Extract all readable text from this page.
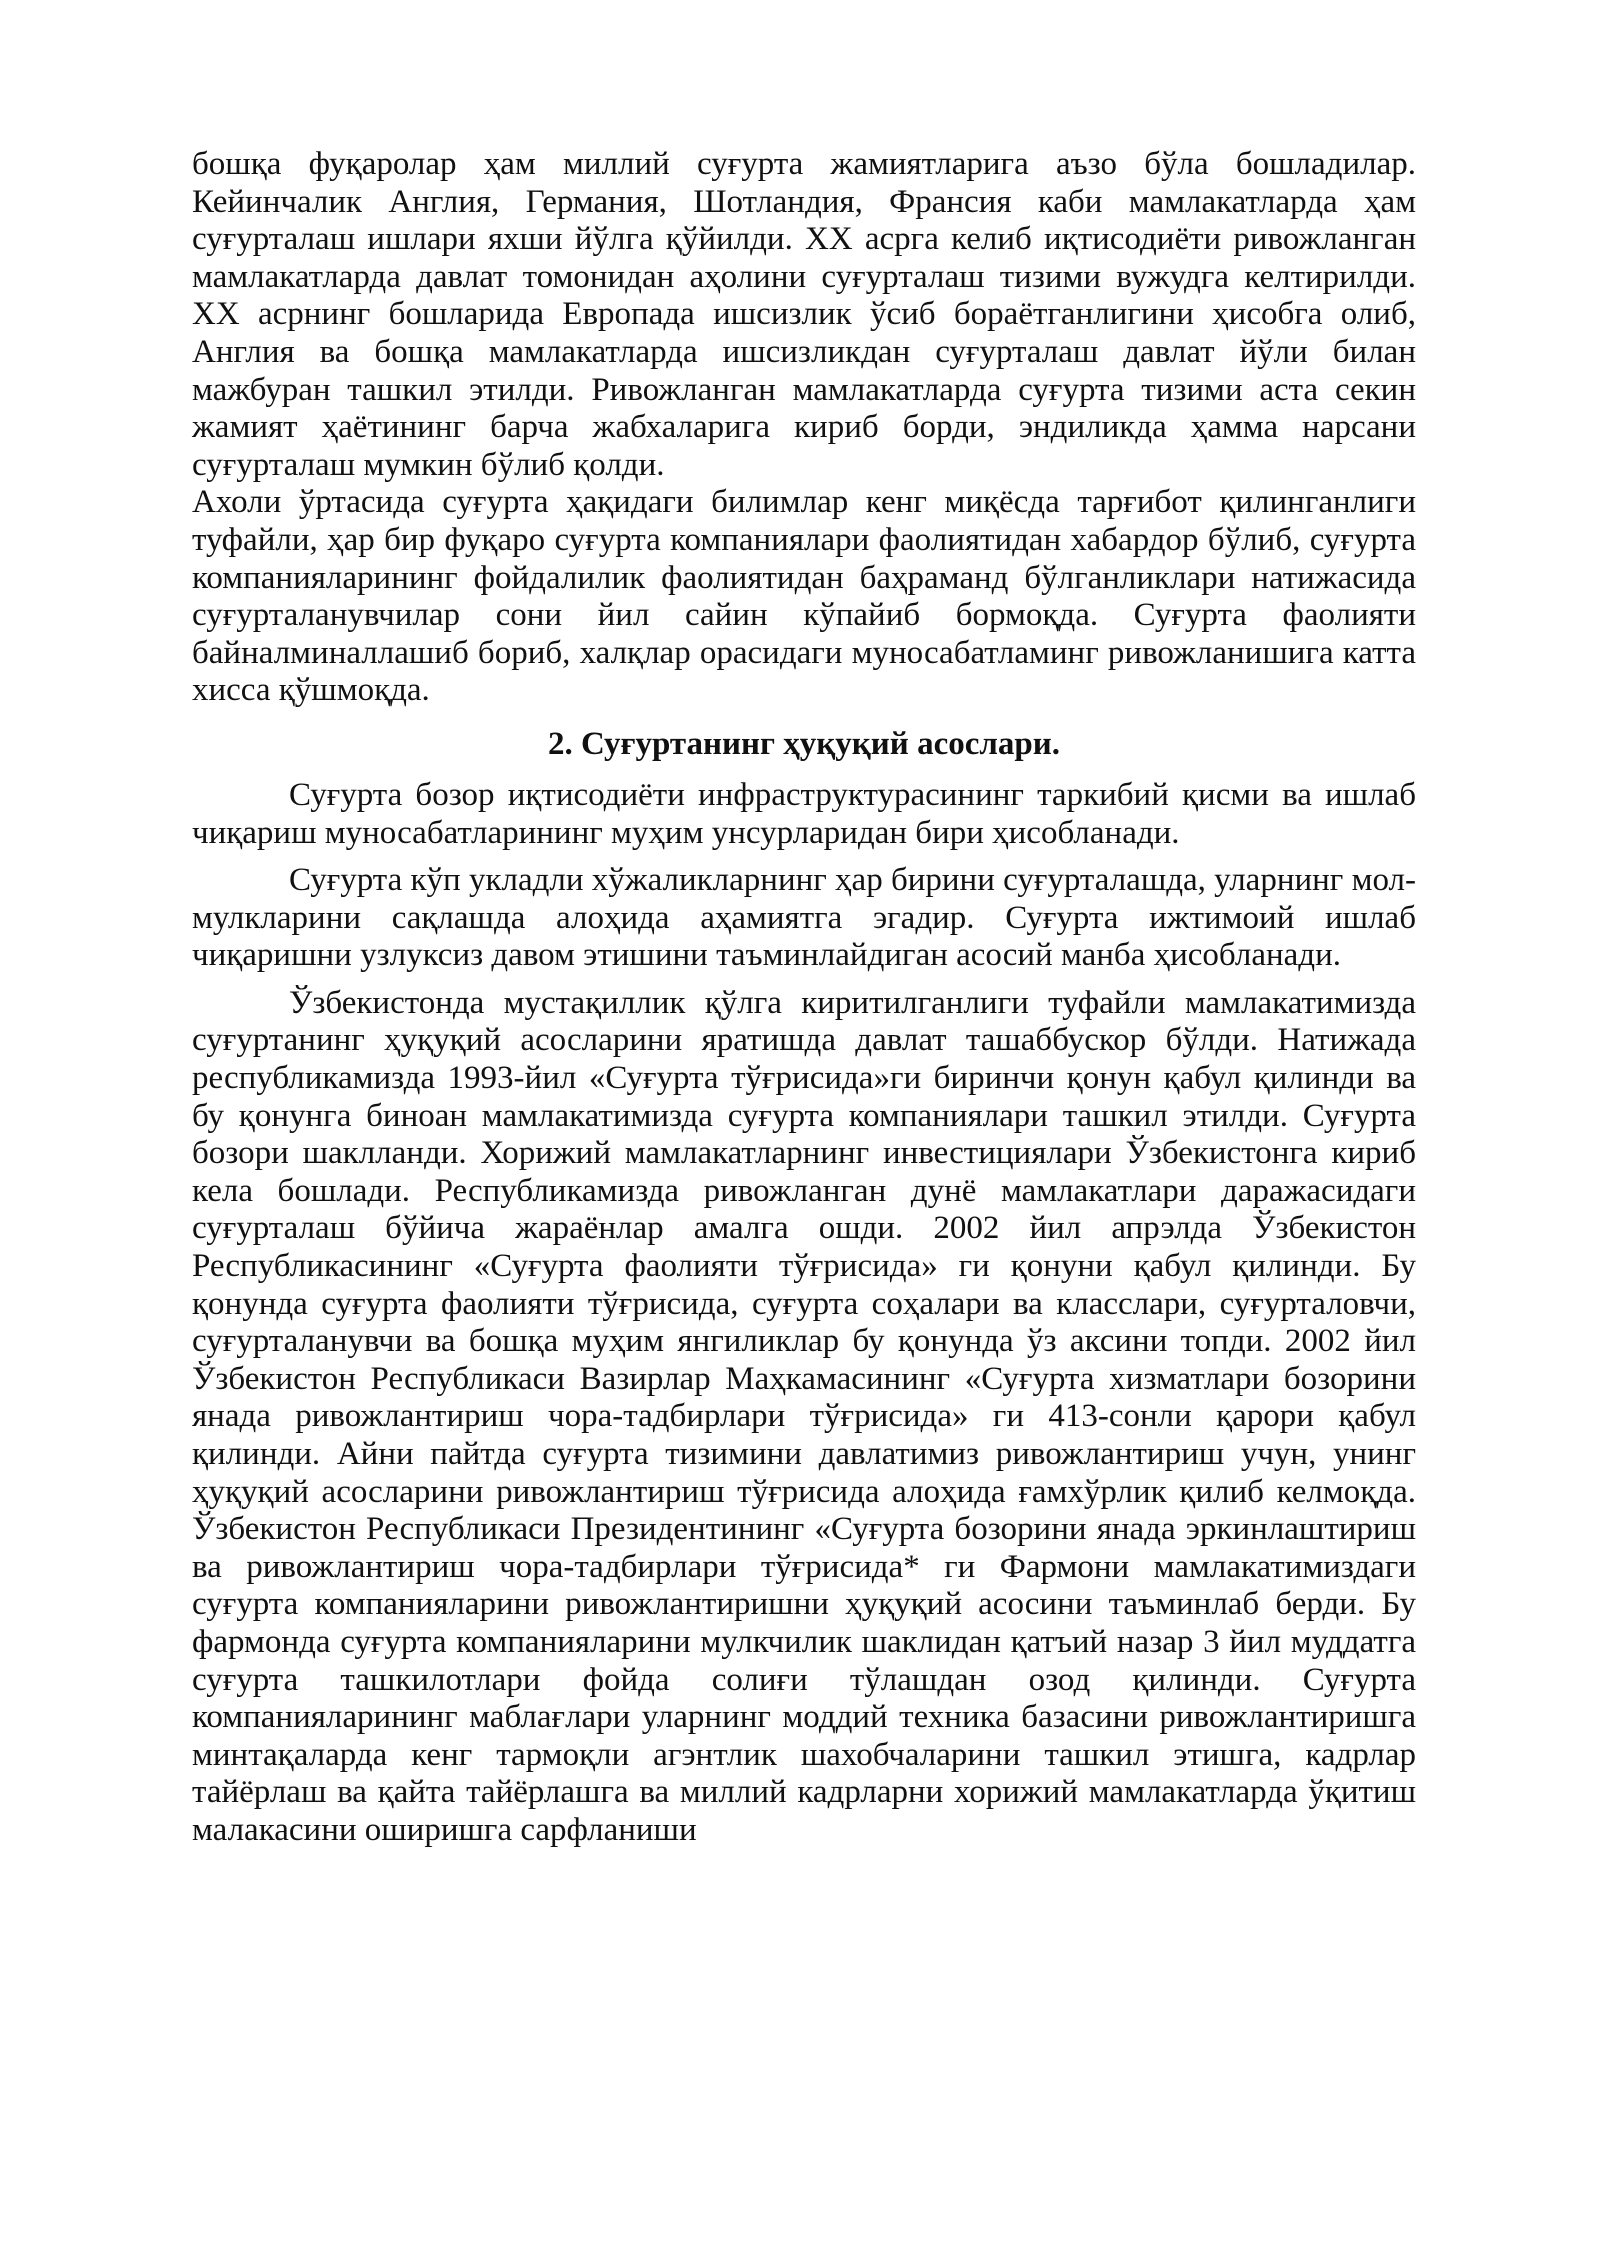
бошқа фуқаролар ҳам миллий суғурта жамиятларига аъзо бўла бошладилар. Кейинчалик Англия, Германия, Шотландия, Франсия каби мамлакатларда ҳам суғурталаш ишлари яхши йўлга қўйилди. XX асрга келиб иқтисодиёти ривожланган мамлакатларда давлат томонидан аҳолини суғурталаш тизими вужудга келтирилди. XX асрнинг бошларида Европада ишсизлик ўсиб бораётганлигини ҳисобга олиб, Англия ва бошқа мамлакатларда ишсизликдан суғурталаш давлат йўли билан мажбуран ташкил этилди. Ривожланган мамлакатларда суғурта тизими аста секин жамият ҳаётининг барча жабхаларига кириб борди, эндиликда ҳамма нарсани суғурталаш мумкин бўлиб қолди.

Ахоли ўртасида суғурта ҳақидаги билимлар кенг миқёсда тарғибот қилинганлиги туфайли, ҳар бир фуқаро суғурта компаниялари фаолиятидан хабардор бўлиб, суғурта компанияларининг фойдалилик фаолиятидан баҳраманд бўлганликлари натижасида суғурталанувчилар сони йил сайин кўпайиб бормоқда. Суғурта фаолияти байналминаллашиб бориб, халқлар орасидаги муносабатламинг ривожланишига катта хисса қўшмоқда.

2. Суғуртанинг ҳуқуқий асослари.

Суғурта бозор иқтисодиёти инфраструктурасининг таркибий қисми ва ишлаб чиқариш муносабатларининг муҳим унсурларидан бири ҳисобланади.

Суғурта кўп укладли хўжаликларнинг ҳар бирини суғурталашда, уларнинг мол-мулкларини сақлашда алоҳида аҳамиятга эгадир. Суғурта ижтимоий ишлаб чиқаришни узлуксиз давом этишини таъминлайдиган асосий манба ҳисобланади.

Ўзбекистонда мустақиллик қўлга киритилганлиги туфайли мамлакатимизда суғуртанинг ҳуқуқий асосларини яратишда давлат ташаббускор бўлди. Натижада республикамизда 1993-йил «Суғурта тўғрисида»ги биринчи қонун қабул қилинди ва бу қонунга биноан мамлакатимизда суғурта компаниялари ташкил этилди. Суғурта бозори шаклланди. Хорижий мамлакатларнинг инвестициялари Ўзбекистонга кириб кела бошлади. Республикамизда ривожланган дунё мамлакатлари даражасидаги суғурталаш бўйича жараёнлар амалга ошди. 2002 йил апрэлда Ўзбекистон Республикасининг «Суғурта фаолияти тўғрисида» ги қонуни қабул қилинди. Бу қонунда суғурта фаолияти тўғрисида, суғурта соҳалари ва класслари, суғурталовчи, суғурталанувчи ва бошқа муҳим янгиликлар бу қонунда ўз аксини топди. 2002 йил Ўзбекистон Республикаси Вазирлар Маҳкамасининг «Суғурта хизматлари бозорини янада ривожлантириш чора-тадбирлари тўғрисида» ги 413-сонли қарори қабул қилинди. Айни пайтда суғурта тизимини давлатимиз ривожлантириш учун, унинг ҳуқуқий асосларини ривожлантириш тўғрисида алоҳида ғамхўрлик қилиб келмоқда. Ўзбекистон Республикаси Президентининг «Суғурта бозорини янада эркинлаштириш ва ривожлантириш чора-тадбирлари тўғрисида* ги Фармони мамлакатимиздаги суғурта компанияларини ривожлантиришни ҳуқуқий асосини таъминлаб берди. Бу фармонда суғурта компанияларини мулкчилик шаклидан қатъий назар 3 йил муддатга суғурта ташкилотлари фойда солиғи тўлашдан озод қилинди. Суғурта компанияларининг маблағлари уларнинг моддий техника базасини ривожлантиришга минтақаларда кенг тармоқли агэнтлик шахобчаларини ташкил этишга, кадрлар тайёрлаш ва қайта тайёрлашга ва миллий кадрларни хорижий мамлакатларда ўқитиш малакасини оширишга сарфланиши
